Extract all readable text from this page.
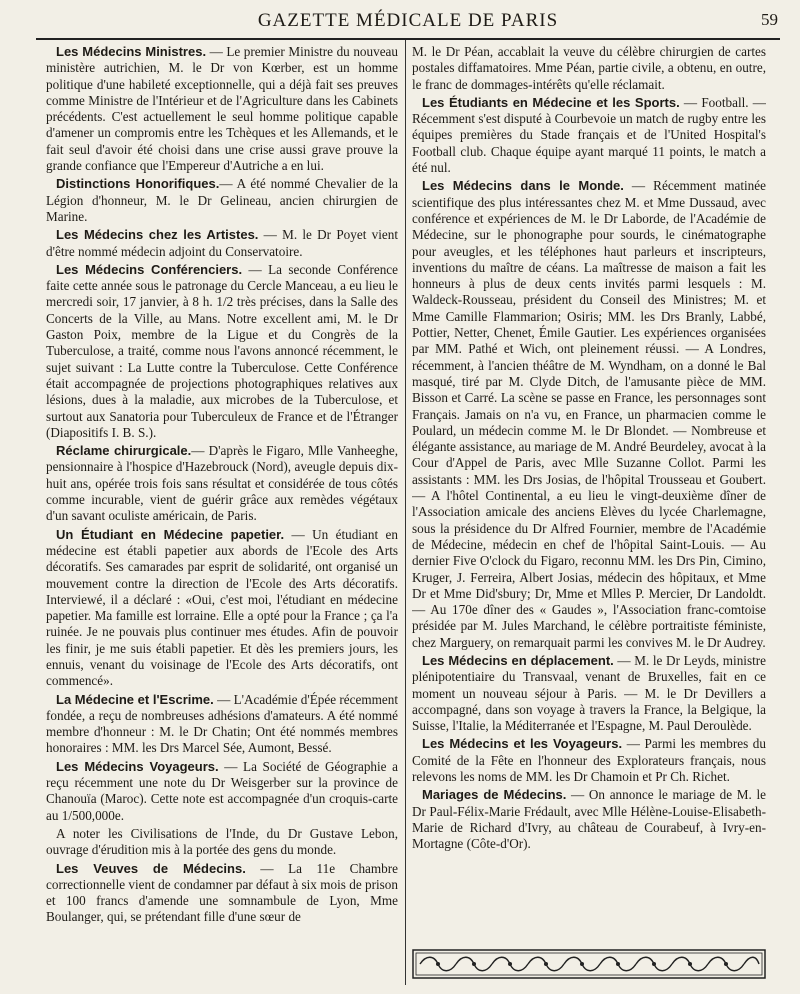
GAZETTE MÉDICALE DE PARIS	59

Les Médecins Ministres. — Le premier Ministre du nouveau ministère autrichien, M. le Dr von Kœrber, est un homme politique d'une habileté exceptionnelle, qui a déjà fait ses preuves comme Ministre de l'Intérieur et de l'Agriculture dans les Cabinets précédents. C'est actuellement le seul homme politique capable d'amener un compromis entre les Tchèques et les Allemands, et le fait seul d'avoir été choisi dans une crise aussi grave prouve la grande confiance que l'Empereur d'Autriche a en lui.

Distinctions Honorifiques.— A été nommé Chevalier de la Légion d'honneur, M. le Dr Gelineau, ancien chirurgien de Marine.

Les Médecins chez les Artistes. — M. le Dr Poyet vient d'être nommé médecin adjoint du Conservatoire.

Les Médecins Conférenciers. — La seconde Conférence faite cette année sous le patronage du Cercle Manceau, a eu lieu le mercredi soir, 17 janvier, à 8 h. 1/2 très précises, dans la Salle des Concerts de la Ville, au Mans. Notre excellent ami, M. le Dr Gaston Poix, membre de la Ligue et du Congrès de la Tuberculose, a traité, comme nous l'avons annoncé récemment, le sujet suivant : La Lutte contre la Tuberculose. Cette Conférence était accompagnée de projections photographiques relatives aux lésions, dues à la maladie, aux microbes de la Tuberculose, et surtout aux Sanatoria pour Tuberculeux de France et de l'Étranger (Diapositifs I. B. S.).

Réclame chirurgicale.— D'après le Figaro, Mlle Vanheeghe, pensionnaire à l'hospice d'Hazebrouck (Nord), aveugle depuis dix-huit ans, opérée trois fois sans résultat et considérée de tous côtés comme incurable, vient de guérir grâce aux remèdes végétaux d'un savant oculiste américain, de Paris.

Un Étudiant en Médecine papetier. — Un étudiant en médecine est établi papetier aux abords de l'Ecole des Arts décoratifs. Ses camarades par esprit de solidarité, ont organisé un mouvement contre la direction de l'Ecole des Arts décoratifs. Interviewé, il a déclaré : «Oui, c'est moi, l'étudiant en médecine papetier. Ma famille est lorraine. Elle a opté pour la France ; ça l'a ruinée. Je ne pouvais plus continuer mes études. Afin de pouvoir les finir, je me suis établi papetier. Et dès les premiers jours, les ennuis, venant du voisinage de l'Ecole des Arts décoratifs, ont commencé».

La Médecine et l'Escrime. — L'Académie d'Épée récemment fondée, a reçu de nombreuses adhésions d'amateurs. A été nommé membre d'honneur : M. le Dr Chatin; Ont été nommés membres honoraires : MM. les Drs Marcel Sée, Aumont, Bessé.

Les Médecins Voyageurs. — La Société de Géographie a reçu récemment une note du Dr Weisgerber sur la province de Chanouïa (Maroc). Cette note est accompagnée d'un croquis-carte au 1/500,000e.

A noter les Civilisations de l'Inde, du Dr Gustave Lebon, ouvrage d'érudition mis à la portée des gens du monde.

Les Veuves de Médecins. — La 11e Chambre correctionnelle vient de condamner par défaut à six mois de prison et 100 francs d'amende une somnambule de Lyon, Mme Boulanger, qui, se prétendant fille d'une sœur de

M. le Dr Péan, accablait la veuve du célèbre chirurgien de cartes postales diffamatoires. Mme Péan, partie civile, a obtenu, en outre, le franc de dommages-intérêts qu'elle réclamait.

Les Étudiants en Médecine et les Sports. — Football. — Récemment s'est disputé à Courbevoie un match de rugby entre les équipes premières du Stade français et de l'United Hospital's Football club. Chaque équipe ayant marqué 11 points, le match a été nul.

Les Médecins dans le Monde. — Récemment matinée scientifique des plus intéressantes chez M. et Mme Dussaud, avec conférence et expériences de M. le Dr Laborde, de l'Académie de Médecine, sur le phonographe pour sourds, le cinématographe pour aveugles, et les téléphones haut parleurs et inscripteurs, inventions du maître de céans. La maîtresse de maison a fait les honneurs à plus de deux cents invités parmi lesquels : M. Waldeck-Rousseau, président du Conseil des Ministres; M. et Mme Camille Flammarion; Osiris; MM. les Drs Branly, Labbé, Pottier, Netter, Chenet, Émile Gautier. Les expériences organisées par MM. Pathé et Wich, ont pleinement réussi. — A Londres, récemment, à l'ancien théâtre de M. Wyndham, on a donné le Bal masqué, tiré par M. Clyde Ditch, de l'amusante pièce de MM. Bisson et Carré. La scène se passe en France, les personnages sont Français. Jamais on n'a vu, en France, un pharmacien comme le Poulard, un médecin comme M. le Dr Blondet. — Nombreuse et élégante assistance, au mariage de M. André Beurdeley, avocat à la Cour d'Appel de Paris, avec Mlle Suzanne Collot. Parmi les assistants : MM. les Drs Josias, de l'hôpital Trousseau et Goubert. — A l'hôtel Continental, a eu lieu le vingt-deuxième dîner de l'Association amicale des anciens Elèves du lycée Charlemagne, sous la présidence du Dr Alfred Fournier, membre de l'Académie de Médecine, médecin en chef de l'hôpital Saint-Louis. — Au dernier Five O'clock du Figaro, reconnu MM. les Drs Pin, Cimino, Kruger, J. Ferreira, Albert Josias, médecin des hôpitaux, et Mme Dr et Mme Did'sbury; Dr, Mme et Mlles P. Mercier, Dr Landoldt. — Au 170e dîner des « Gaudes », l'Association franc-comtoise présidée par M. Jules Marchand, le célèbre portraitiste féministe, chez Marguery, on remarquait parmi les convives M. le Dr Audrey.

Les Médecins en déplacement. — M. le Dr Leyds, ministre plénipotentiaire du Transvaal, venant de Bruxelles, fait en ce moment un nouveau séjour à Paris. — M. le Dr Devillers a accompagné, dans son voyage à travers la France, la Belgique, la Suisse, l'Italie, la Méditerranée et l'Espagne, M. Paul Deroulède.

Les Médecins et les Voyageurs. — Parmi les membres du Comité de la Fête en l'honneur des Explorateurs français, nous relevons les noms de MM. les Dr Chamoin et Pr Ch. Richet.

Mariages de Médecins. — On annonce le mariage de M. le Dr Paul-Félix-Marie Frédault, avec Mlle Hélène-Louise-Elisabeth-Marie de Richard d'Ivry, au château de Courabeuf, à Ivry-en-Mortagne (Côte-d'Or).
